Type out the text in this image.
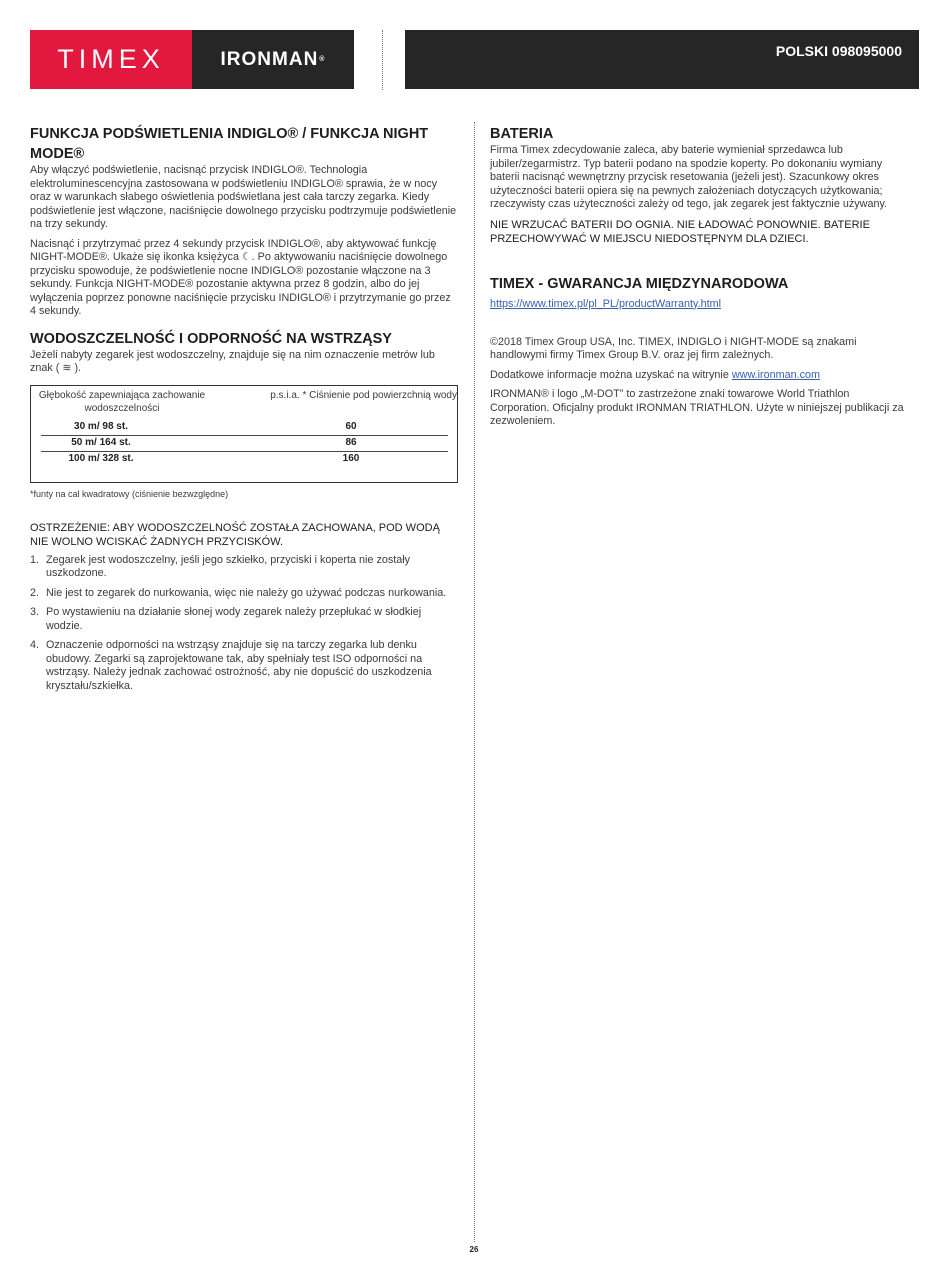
TIMEX	IRONMAN ®
POLSKI 098095000
FUNKCJA PODŚWIETLENIA INDIGLO® / FUNKCJA NIGHT MODE®

Aby włączyć podświetlenie, nacisnąć przycisk INDIGLO®. Technologia elektroluminescencyjna zastosowana w podświetleniu INDIGLO® sprawia, że w nocy oraz w warunkach słabego oświetlenia podświetlana jest cała tarczy zegarka. Kiedy podświetlenie jest włączone, naciśnięcie dowolnego przycisku podtrzymuje podświetlenie na trzy sekundy.

Nacisnąć i przytrzymać przez 4 sekundy przycisk INDIGLO®, aby aktywować funkcję NIGHT-MODE®. Ukaże się ikonka księżyca ☾. Po aktywowaniu naciśnięcie dowolnego przycisku spowoduje, że podświetlenie nocne INDIGLO® pozostanie włączone na 3 sekundy. Funkcja NIGHT-MODE® pozostanie aktywna przez 8 godzin, albo do jej wyłączenia poprzez ponowne naciśnięcie przycisku INDIGLO® i przytrzymanie go przez 4 sekundy.

WODOSZCZELNOŚĆ I ODPORNOŚĆ NA WSTRZĄSY

Jeżeli nabyty zegarek jest wodoszczelny, znajduje się na nim oznaczenie metrów lub znak ( ≋ ).

Głębokość zapewniająca zachowanie wodoszczelności
p.s.i.a. * Ciśnienie pod powierzchnią wody
30 m/ 98 st.	60
50 m/ 164 st.	86
100 m/ 328 st.	160
*funty na cal kwadratowy (ciśnienie bezwzględne)

OSTRZEŻENIE: ABY WODOSZCZELNOŚĆ ZOSTAŁA ZACHOWANA, POD WODĄ NIE WOLNO WCISKAĆ ŻADNYCH PRZYCISKÓW.

1. Zegarek jest wodoszczelny, jeśli jego szkiełko, przyciski i koperta nie zostały uszkodzone.
2. Nie jest to zegarek do nurkowania, więc nie należy go używać podczas nurkowania.
3. Po wystawieniu na działanie słonej wody zegarek należy przepłukać w słodkiej wodzie.
4. Oznaczenie odporności na wstrząsy znajduje się na tarczy zegarka lub denku obudowy. Zegarki są zaprojektowane tak, aby spełniały test ISO odporności na wstrząsy. Należy jednak zachować ostrożność, aby nie dopuścić do uszkodzenia kryształu/szkiełka.
BATERIA

Firma Timex zdecydowanie zaleca, aby baterie wymieniał sprzedawca lub jubiler/zegarmistrz. Typ baterii podano na spodzie koperty. Po dokonaniu wymiany baterii nacisnąć wewnętrzny przycisk resetowania (jeżeli jest). Szacunkowy okres użyteczności baterii opiera się na pewnych założeniach dotyczących użytkowania; rzeczywisty czas użyteczności zależy od tego, jak zegarek jest faktycznie używany.

NIE WRZUCAĆ BATERII DO OGNIA. NIE ŁADOWAĆ PONOWNIE. BATERIE PRZECHOWYWAĆ W MIEJSCU NIEDOSTĘPNYM DLA DZIECI.

TIMEX - GWARANCJA MIĘDZYNARODOWA
https://www.timex.pl/pl_PL/productWarranty.html

©2018 Timex Group USA, Inc. TIMEX, INDIGLO i NIGHT-MODE są znakami handlowymi firmy Timex Group B.V. oraz jej firm zależnych.

Dodatkowe informacje można uzyskać na witrynie www.ironman.com

IRONMAN® i logo „M-DOT” to zastrzeżone znaki towarowe World Triathlon Corporation. Oficjalny produkt IRONMAN TRIATHLON. Użyte w niniejszej publikacji za zezwoleniem.

26
